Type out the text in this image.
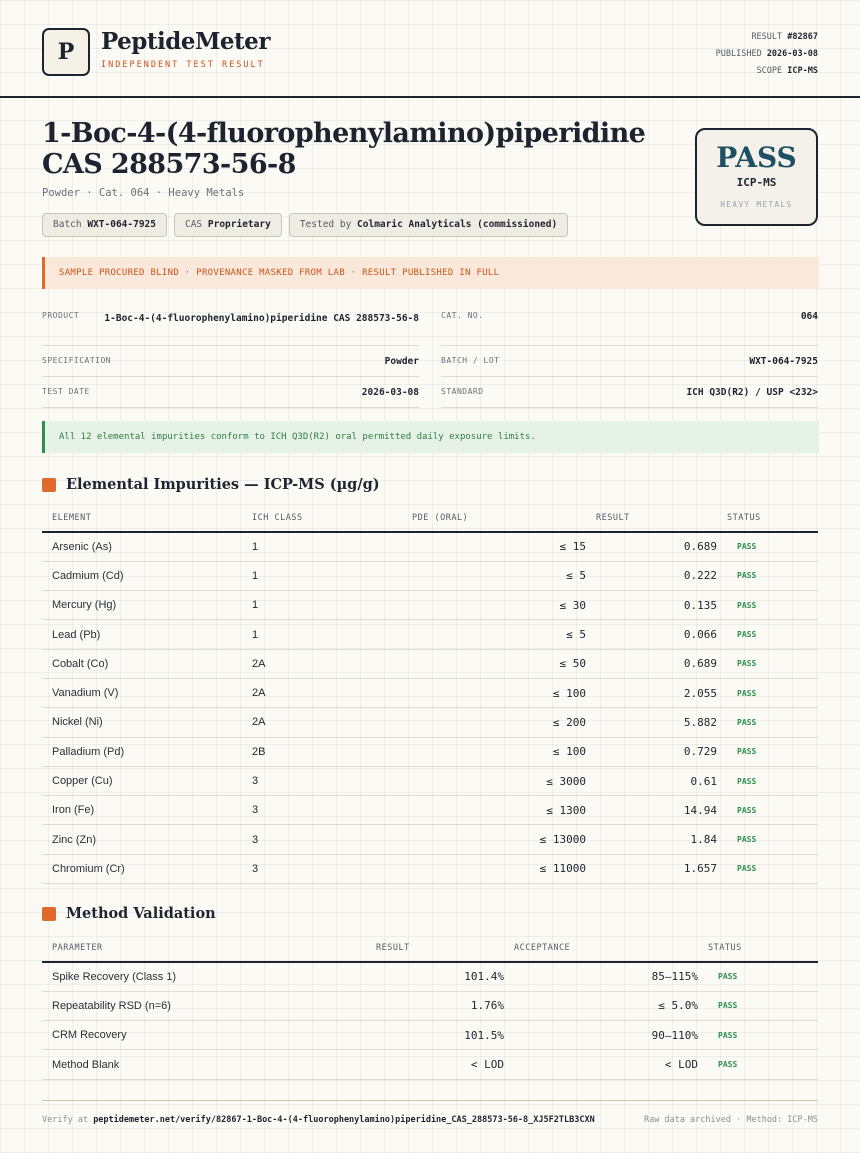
P	PeptideMeter
INDEPENDENT TEST RESULT
RESULT #82867
PUBLISHED 2026-03-08
SCOPE ICP-MS
1-Boc-4-(4-fluorophenylamino)piperidine CAS 288573-56-8
Powder · Cat. 064 · Heavy Metals
Batch WXT-064-7925	CAS Proprietary	Tested by Colmaric Analyticals (commissioned)
PASS
ICP-MS
HEAVY METALS
SAMPLE PROCURED BLIND · PROVENANCE MASKED FROM LAB · RESULT PUBLISHED IN FULL
PRODUCT	1-Boc-4-(4-fluorophenylamino)piperidine CAS 288573-56-8	CAT. NO.	064
SPECIFICATION	Powder	BATCH / LOT	WXT-064-7925
TEST DATE	2026-03-08	STANDARD	ICH Q3D(R2) / USP <232>
All 12 elemental impurities conform to ICH Q3D(R2) oral permitted daily exposure limits.
Elemental Impurities — ICP-MS (µg/g)
ELEMENT	ICH CLASS	PDE (ORAL)	RESULT	STATUS
Arsenic (As)	1	≤ 15	0.689	PASS
Cadmium (Cd)	1	≤ 5	0.222	PASS
Mercury (Hg)	1	≤ 30	0.135	PASS
Lead (Pb)	1	≤ 5	0.066	PASS
Cobalt (Co)	2A	≤ 50	0.689	PASS
Vanadium (V)	2A	≤ 100	2.055	PASS
Nickel (Ni)	2A	≤ 200	5.882	PASS
Palladium (Pd)	2B	≤ 100	0.729	PASS
Copper (Cu)	3	≤ 3000	0.61	PASS
Iron (Fe)	3	≤ 1300	14.94	PASS
Zinc (Zn)	3	≤ 13000	1.84	PASS
Chromium (Cr)	3	≤ 11000	1.657	PASS
Method Validation
PARAMETER	RESULT	ACCEPTANCE	STATUS
Spike Recovery (Class 1)	101.4%	85–115%	PASS
Repeatability RSD (n=6)	1.76%	≤ 5.0%	PASS
CRM Recovery	101.5%	90–110%	PASS
Method Blank	< LOD	< LOD	PASS
Verify at peptidemeter.net/verify/82867-1-Boc-4-(4-fluorophenylamino)piperidine_CAS_288573-56-8_XJ5F2TLB3CXN	Raw data archived · Method: ICP-MS
